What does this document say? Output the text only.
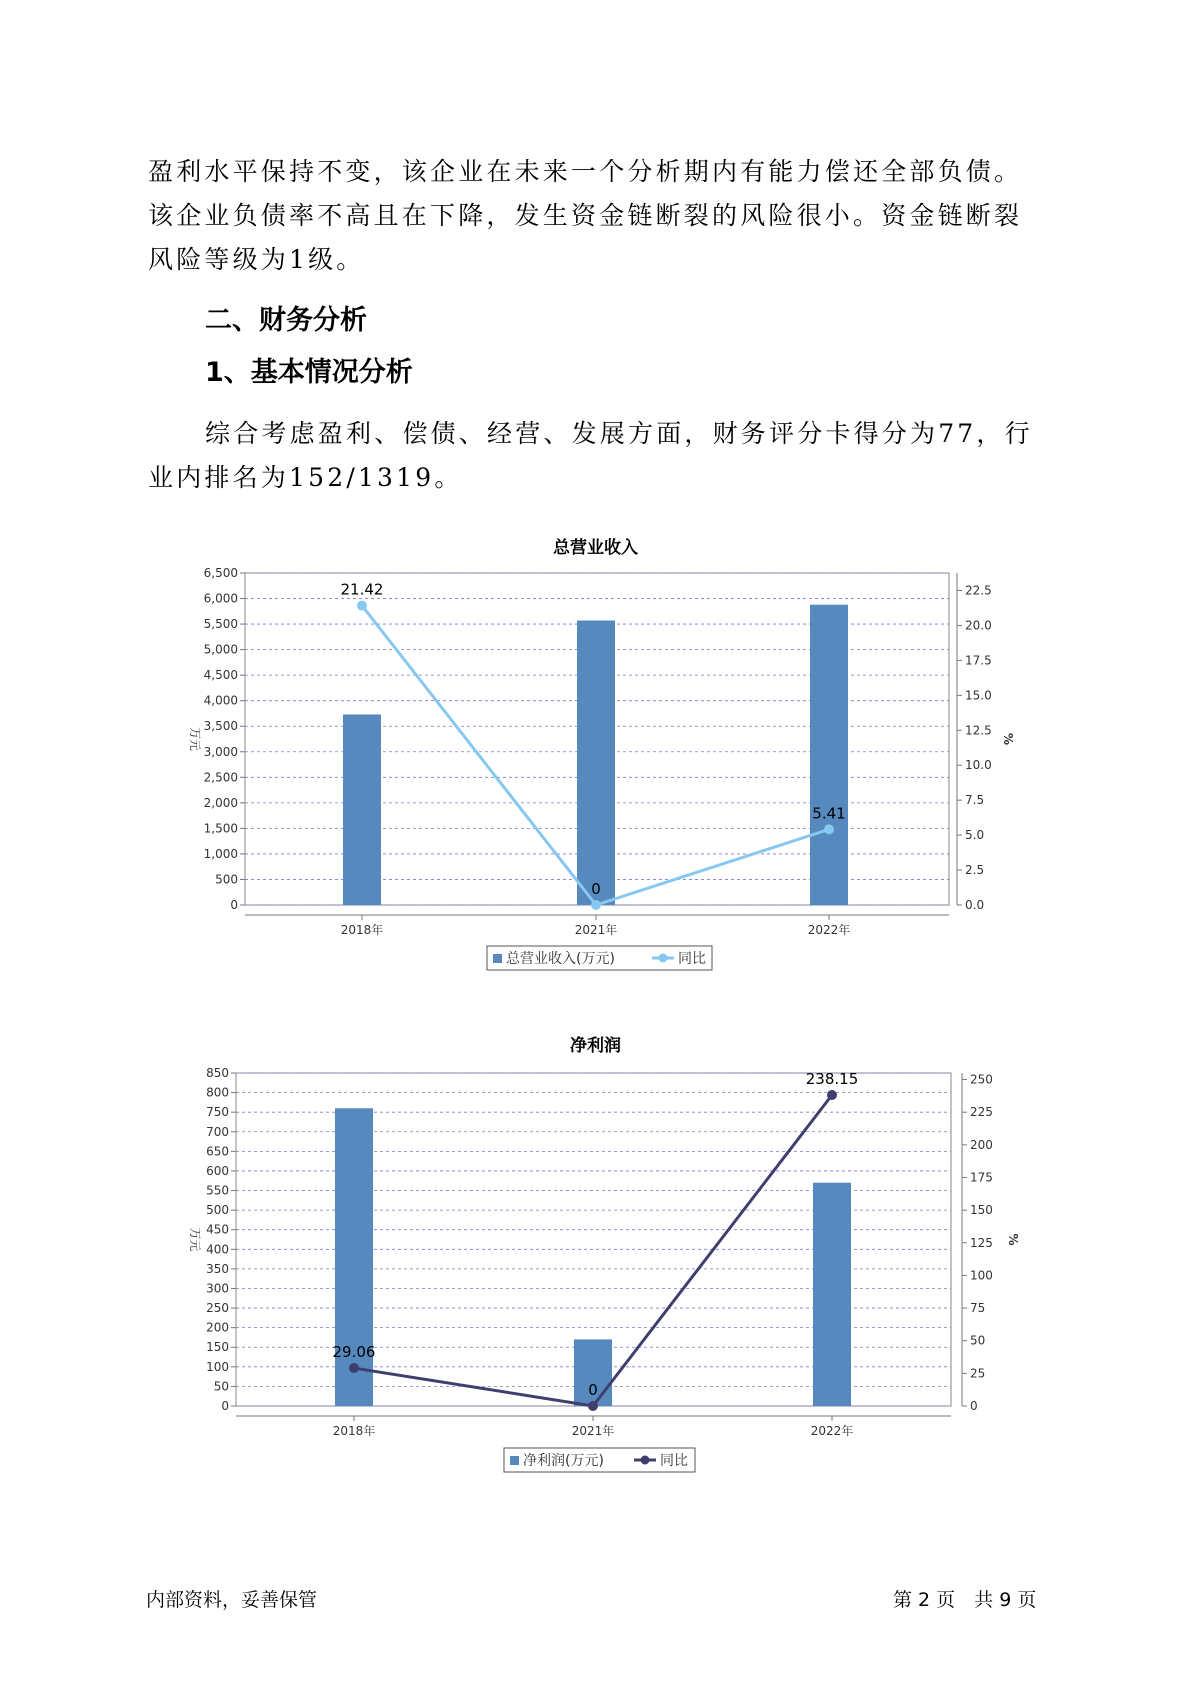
盈利水平保持不变，该企业在未来一个分析期内有能力偿还全部负债。该企业负债率不高且在下降，发生资金链断裂的风险很小。资金链断裂风险等级为1级。

二、财务分析
1、基本情况分析

综合考虑盈利、偿债、经营、发展方面，财务评分卡得分为77，行业内排名为152/1319。

总营业收入
0
500
1,000
1,500
2,000
2,500
3,000
3,500
4,000
4,500
5,000
5,500
6,000
6,500
0.0
2.5
5.0
7.5
10.0
12.5
15.0
17.5
20.0
22.5
万元	%
2018年	2021年	2022年
21.42
0
5.41
总营业收入(万元)	同比
净利润
0
50
100
150
200
250
300
350
400
450
500
550
600
650
700
750
800
850
0
25
50
75
100
125
150
175
200
225
250
万元	%
2018年	2021年	2022年
29.06
0
238.15
净利润(万元)	同比
内部资料，妥善保管	第 2 页　共 9 页
